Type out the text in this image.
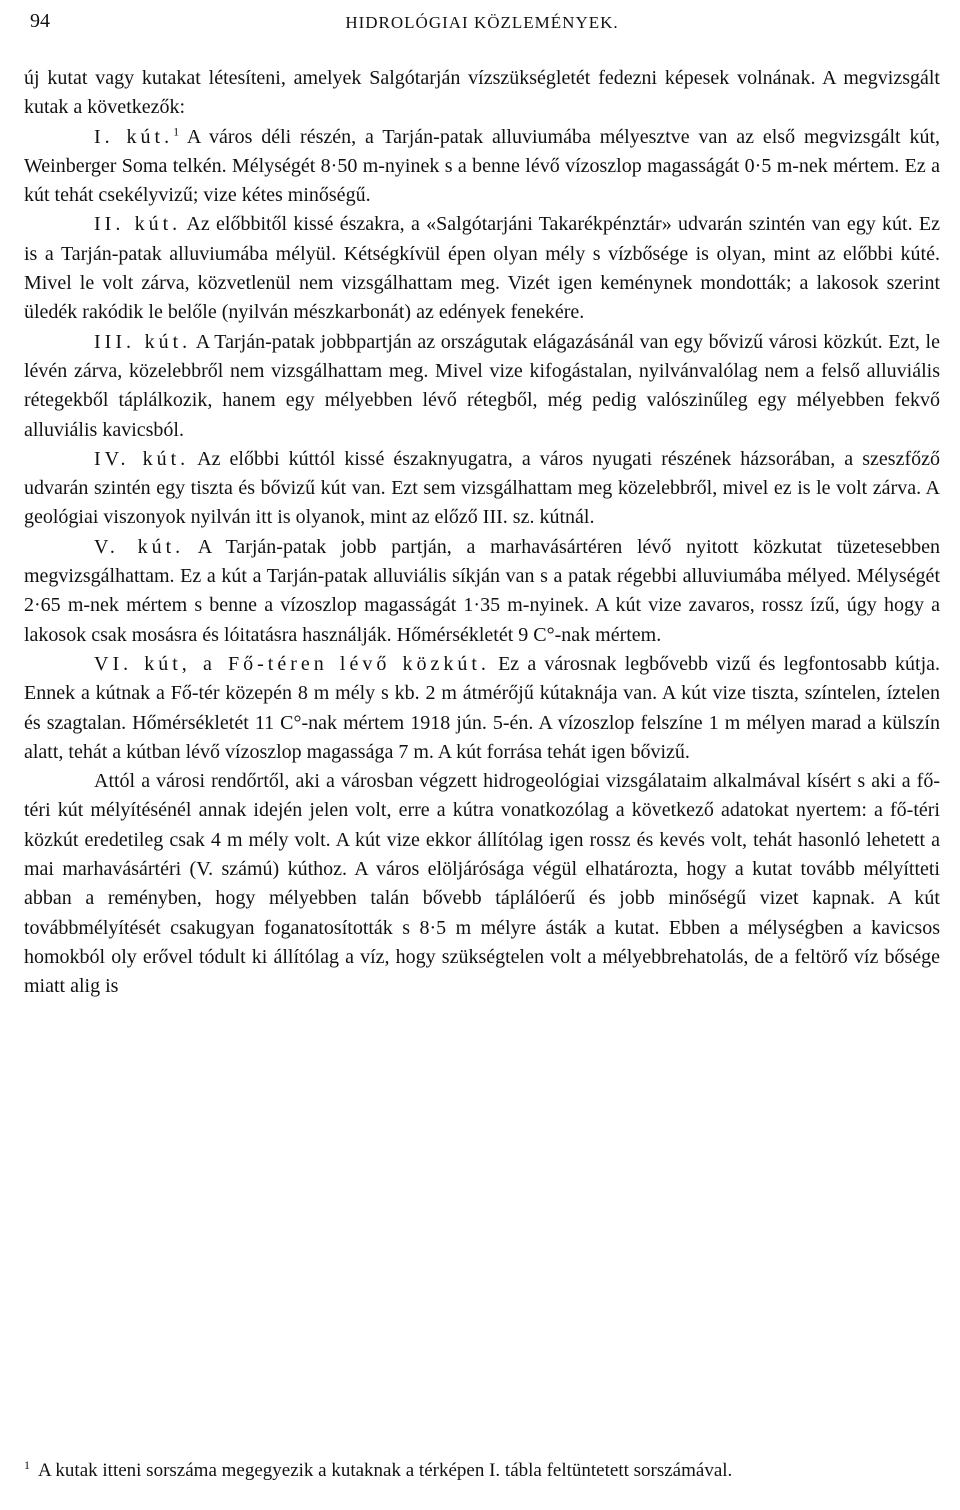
94	HIDROLÓGIAI KÖZLEMÉNYEK.

új kutat vagy kutakat létesíteni, amelyek Salgótarján vízszükségletét fedezni képesek volnának. A megvizsgált kutak a következők:

I. kút.$^1$ A város déli részén, a Tarján-patak alluviumába mélyesztve van az első megvizsgált kút, Weinberger Soma telkén. Mélységét 8·50 m-nyinek s a benne lévő vízoszlop magasságát 0·5 m-nek mértem. Ez a kút tehát csekélyvizű; vize kétes minőségű.

II. kút. Az előbbitől kissé északra, a «Salgótarjáni Takarékpénztár» udvarán szintén van egy kút. Ez is a Tarján-patak alluviumába mélyül. Kétségkívül épen olyan mély s vízbősége is olyan, mint az előbbi kúté. Mivel le volt zárva, közvetlenül nem vizsgálhattam meg. Vizét igen keménynek mondották; a lakosok szerint üledék rakódik le belőle (nyilván mészkarbonát) az edények fenekére.

III. kút. A Tarján-patak jobbpartján az országutak elágazásánál van egy bővizű városi közkút. Ezt, le lévén zárva, közelebbről nem vizsgálhattam meg. Mivel vize kifogástalan, nyilvánvalólag nem a felső alluviális rétegekből táplálkozik, hanem egy mélyebben lévő rétegből, még pedig valószinűleg egy mélyebben fekvő alluviális kavicsból.

IV. kút. Az előbbi kúttól kissé északnyugatra, a város nyugati részének házsorában, a szeszfőző udvarán szintén egy tiszta és bővizű kút van. Ezt sem vizsgálhattam meg közelebbről, mivel ez is le volt zárva. A geológiai viszonyok nyilván itt is olyanok, mint az előző III. sz. kútnál.

V. kút. A Tarján-patak jobb partján, a marhavásártéren lévő nyitott közkutat tüzetesebben megvizsgálhattam. Ez a kút a Tarján-patak alluviális síkján van s a patak régebbi alluviumába mélyed. Mélységét 2·65 m-nek mértem s benne a vízoszlop magasságát 1·35 m-nyinek. A kút vize zavaros, rossz ízű, úgy hogy a lakosok csak mosásra és lóitatásra használják. Hőmérsékletét 9 C°-nak mértem.

VI. kút, a Fő-téren lévő közkút. Ez a városnak legbővebb vizű és legfontosabb kútja. Ennek a kútnak a Fő-tér közepén 8 m mély s kb. 2 m átmérőjű kútaknája van. A kút vize tiszta, színtelen, íztelen és szagtalan. Hőmérsékletét 11 C°-nak mértem 1918 jún. 5-én. A vízoszlop felszíne 1 m mélyen marad a külszín alatt, tehát a kútban lévő vízoszlop magassága 7 m. A kút forrása tehát igen bővizű.

Attól a városi rendőrtől, aki a városban végzett hidrogeológiai vizsgálataim alkalmával kísért s aki a fő-téri kút mélyítésénél annak idején jelen volt, erre a kútra vonatkozólag a következő adatokat nyertem: a fő-téri közkút eredetileg csak 4 m mély volt. A kút vize ekkor állítólag igen rossz és kevés volt, tehát hasonló lehetett a mai marhavásártéri (V. számú) kúthoz. A város elöljárósága végül elhatározta, hogy a kutat tovább mélyítteti abban a reményben, hogy mélyebben talán bővebb táplálóerű és jobb minőségű vizet kapnak. A kút továbbmélyítését csakugyan foganatosították s 8·5 m mélyre ásták a kutat. Ebben a mélységben a kavicsos homokból oly erővel tódult ki állítólag a víz, hogy szükségtelen volt a mélyebbrehatolás, de a feltörő víz bősége miatt alig is

$^1$ A kutak itteni sorszáma megegyezik a kutaknak a térképen I. tábla feltüntetett sorszámával.
